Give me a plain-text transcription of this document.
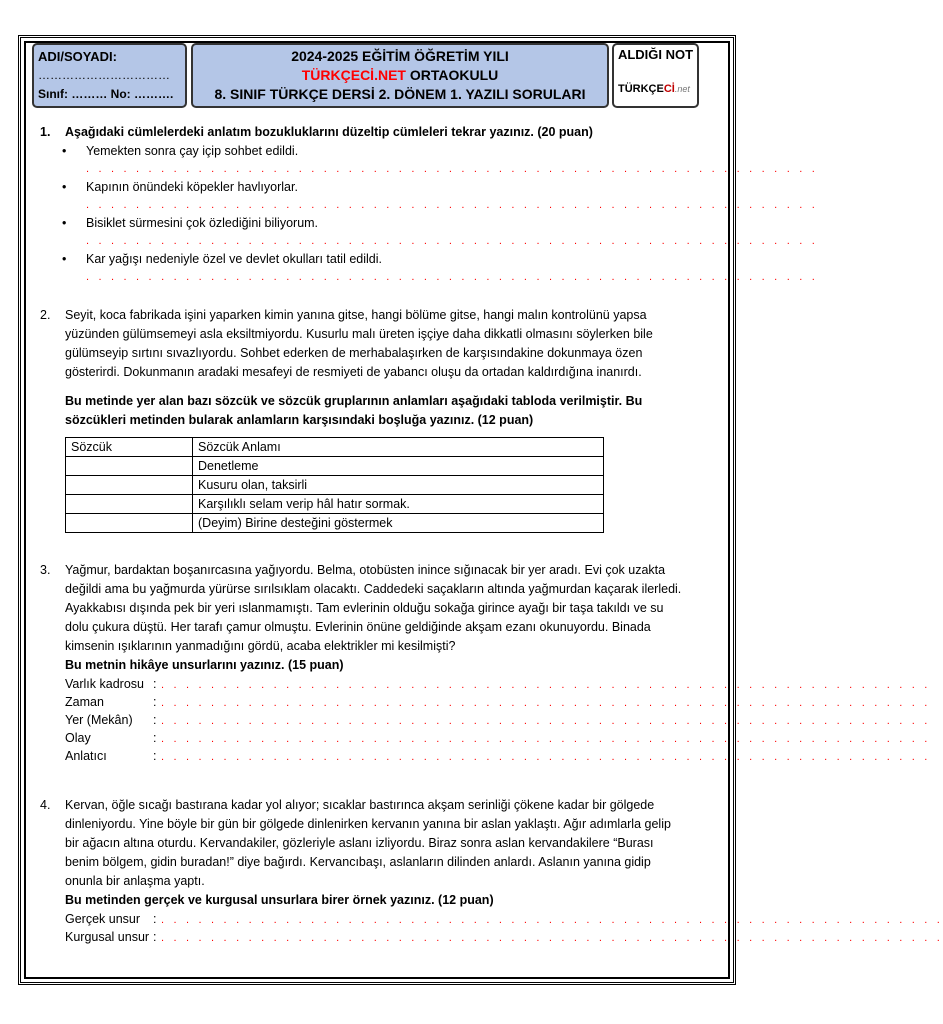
ADI/SOYADI:
……………………………
Sınıf: ……… No: ……….
2024-2025 EĞİTİM ÖĞRETİM YILI
TÜRKÇECİ.NET ORTAOKULU
8. SINIF TÜRKÇE DERSİ 2. DÖNEM 1. YAZILI SORULARI
ALDIĞI NOT
TÜRKÇECİ.net
1.	Aşağıdaki cümlelerdeki anlatım bozukluklarını düzeltip cümleleri tekrar yazınız. (20 puan)
• Yemekten sonra çay içip sohbet edildi.
. . . . . . . . . . . . . . . . . . . . . . . . . . . . . . . . . . . . . . . . . . . . . . . . . . . . . . . . . . .
• Kapının önündeki köpekler havlıyorlar.
. . . . . . . . . . . . . . . . . . . . . . . . . . . . . . . . . . . . . . . . . . . . . . . . . . . . . . . . . . .
• Bisiklet sürmesini çok özlediğini biliyorum.
. . . . . . . . . . . . . . . . . . . . . . . . . . . . . . . . . . . . . . . . . . . . . . . . . . . . . . . . . . .
• Kar yağışı nedeniyle özel ve devlet okulları tatil edildi.
. . . . . . . . . . . . . . . . . . . . . . . . . . . . . . . . . . . . . . . . . . . . . . . . . . . . . . . . . . .
2.	Seyit, koca fabrikada işini yaparken kimin yanına gitse, hangi bölüme gitse, hangi malın kontrolünü yapsa yüzünden gülümsemeyi asla eksiltmiyordu. Kusurlu malı üreten işçiye daha dikkatli olmasını söylerken bile gülümseyip sırtını sıvazlıyordu. Sohbet ederken de merhabalaşırken de karşısındakine dokunmaya özen gösterirdi. Dokunmanın aradaki mesafeyi de resmiyeti de yabancı oluşu da ortadan kaldırdığına inanırdı.
Bu metinde yer alan bazı sözcük ve sözcük gruplarının anlamları aşağıdaki tabloda verilmiştir. Bu sözcükleri metinden bularak anlamların karşısındaki boşluğa yazınız. (12 puan)
Sözcük	Sözcük Anlamı
	Denetleme
	Kusuru olan, taksirli
	Karşılıklı selam verip hâl hatır sormak.
	(Deyim) Birine desteğini göstermek
3.	Yağmur, bardaktan boşanırcasına yağıyordu. Belma, otobüsten inince sığınacak bir yer aradı. Evi çok uzakta değildi ama bu yağmurda yürürse sırılsıklam olacaktı. Caddedeki saçakların altında yağmurdan kaçarak ilerledi. Ayakkabısı dışında pek bir yeri ıslanmamıştı. Tam evlerinin olduğu sokağa girince ayağı bir taşa takıldı ve su dolu çukura düştü. Her tarafı çamur olmuştu. Evlerinin önüne geldiğinde akşam ezanı okunuyordu. Binada kimsenin ışıklarının yanmadığını gördü, acaba elektrikler mi kesilmişti?
Bu metnin hikâye unsurlarını yazınız. (15 puan)
Varlık kadrosu : . . . . . . . . . . . . . . . . . . . . . . . . . . . . . . . . . . . . . . . . . . . . . . . . . . . . . . . . . . . . . .
Zaman	: . . . . . . . . . . . . . . . . . . . . . . . . . . . . . . . . . . . . . . . . . . . . . . . . . . . . . . . . . . . . . .
Yer (Mekân) : . . . . . . . . . . . . . . . . . . . . . . . . . . . . . . . . . . . . . . . . . . . . . . . . . . . . . . . . . . . . . .
Olay	: . . . . . . . . . . . . . . . . . . . . . . . . . . . . . . . . . . . . . . . . . . . . . . . . . . . . . . . . . . . . . .
Anlatıcı	: . . . . . . . . . . . . . . . . . . . . . . . . . . . . . . . . . . . . . . . . . . . . . . . . . . . . . . . . . . . . . .
4.	Kervan, öğle sıcağı bastırana kadar yol alıyor; sıcaklar bastırınca akşam serinliği çökene kadar bir gölgede dinleniyordu. Yine böyle bir gün bir gölgede dinlenirken kervanın yanına bir aslan yaklaştı. Ağır adımlarla gelip bir ağacın altına oturdu. Kervandakiler, gözleriyle aslanı izliyordu. Biraz sonra aslan kervandakilere “Burası benim bölgem, gidin buradan!” diye bağırdı. Kervancıbaşı, aslanların dilinden anlardı. Aslanın yanına gidip onunla bir anlaşma yaptı.
Bu metinden gerçek ve kurgusal unsurlara birer örnek yazınız. (12 puan)
Gerçek unsur : . . . . . . . . . . . . . . . . . . . . . . . . . . . . . . . . . . . . . . . . . . . . . . . . . . . . . . . . . . . . . . .
Kurgusal unsur : . . . . . . . . . . . . . . . . . . . . . . . . . . . . . . . . . . . . . . . . . . . . . . . . . . . . . . . . . . . . . . .
